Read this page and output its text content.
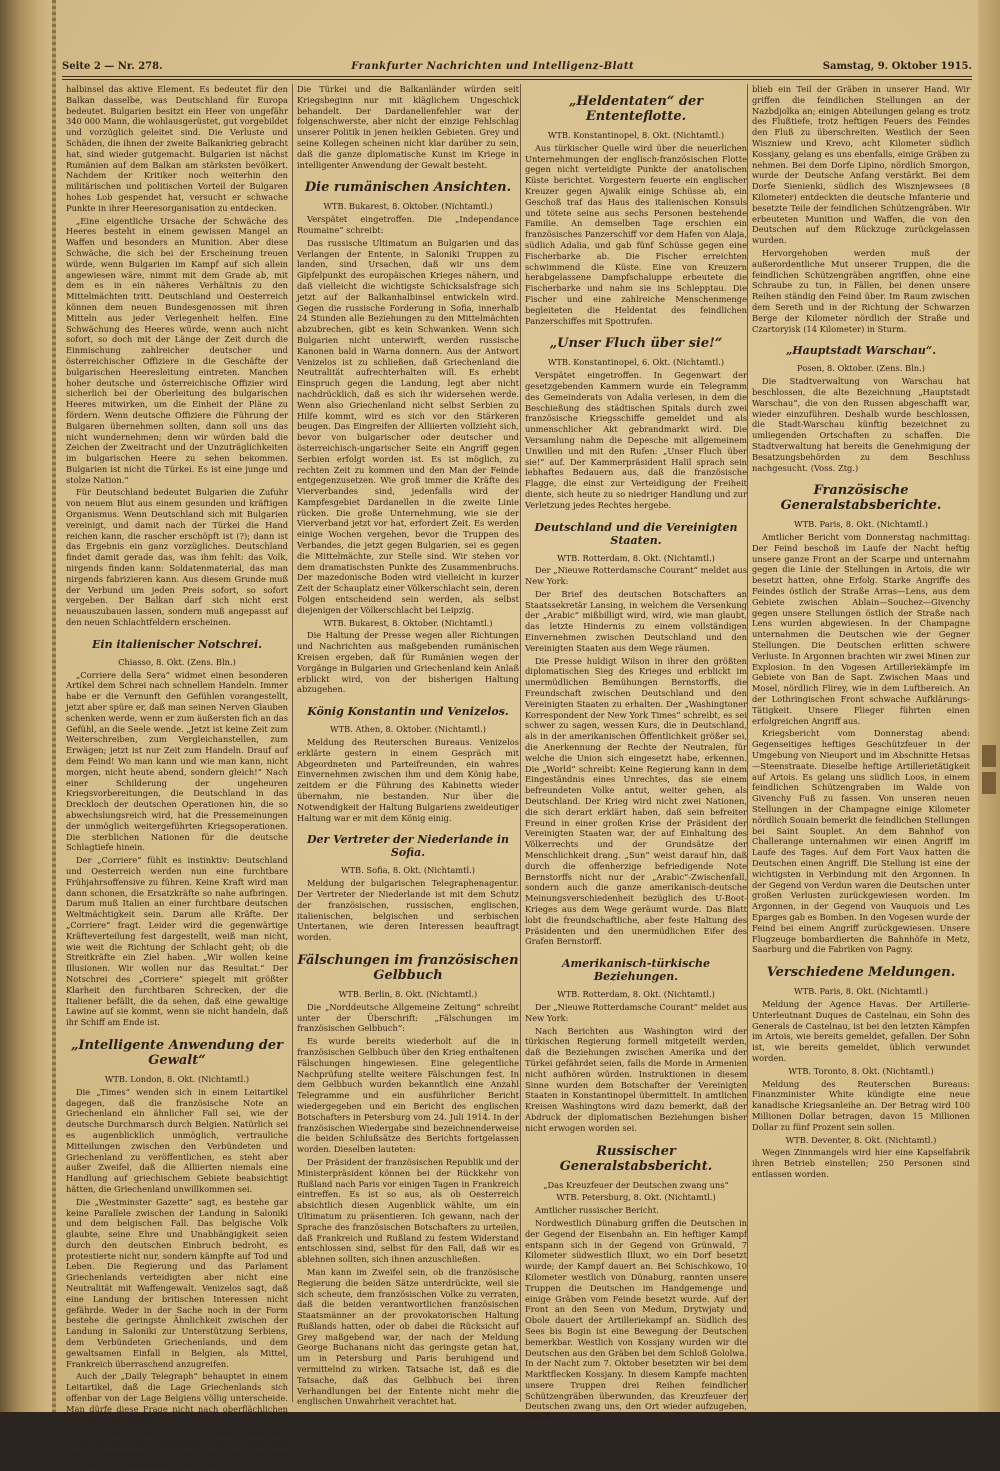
Seite 2 — Nr. 278.	Frankfurter Nachrichten und Intelligenz-Blatt	Samstag, 9. Oktober 1915.

halbinsel das aktive Element. Es bedeutet für den Balkan dasselbe, was Deutschland für Europa bedeutet. Bulgarien besitzt ein Heer von ungefähr 340 000 Mann, die wohlausgerüstet, gut vorgebildet und vorzüglich geleitet sind. Die Verluste und Schäden, die ihnen der zweite Balkankrieg gebracht hat, sind wieder gutgemacht. Bulgarien ist nächst Rumänien auf dem Balkan am stärksten bevölkert. Nachdem der Kritiker noch weiterhin den militärischen und politischen Vorteil der Bulgaren hohes Lob gespendet hat, versucht er schwache Punkte in ihrer Heeresorganisation zu entdecken.

„Eine eigentliche Ursache der Schwäche des Heeres besteht in einem gewissen Mangel an Waffen und besonders an Munition. Aber diese Schwäche, die sich bei der Erscheinung treuen würde, wenn Bulgarien im Kampf auf sich allein angewiesen wäre, nimmt mit dem Grade ab, mit dem es in ein näheres Verhältnis zu den Mittelmächten tritt. Deutschland und Oesterreich können dem neuen Bundesgenossen mit ihren Mitteln aus jeder Verlegenheit helfen. Eine Schwächung des Heeres würde, wenn auch nicht sofort, so doch mit der Länge der Zeit durch die Einmischung zahlreicher deutscher und österreichischer Offiziere in die Geschäfte der bulgarischen Heeresleitung eintreten. Manchen hoher deutsche und österreichische Offizier wird sicherlich bei der Oberleitung des bulgarischen Heeres mitwirken, um die Einheit der Pläne zu fördern. Wenn deutsche Offiziere die Führung der Bulgaren übernehmen sollten, dann soll uns das nicht wundernehmen; denn wir würden bald die Zeichen der Zweitracht und der Unzuträglichkeiten im bulgarischen Heere zu sehen bekommen. Bulgarien ist nicht die Türkei. Es ist eine junge und stolze Nation.“

Für Deutschland bedeutet Bulgarien die Zufuhr von neuem Blut aus einem gesunden und kräftigen Organismus. Wenn Deutschland sich mit Bulgarien vereinigt, und damit nach der Türkei die Hand reichen kann, die rascher erschöpft ist (?); dann ist das Ergebnis ein ganz vorzügliches. Deutschland findet damit gerade das, was ihm fehlt: das Volk, nirgends finden kann: Soldatenmaterial, das man nirgends fabrizieren kann. Aus diesem Grunde muß der Verbund um jeden Preis sofort, so sofort vergeben. Der Balkan darf sich nicht erst neuauszubauen lassen, sondern muß angepasst auf den neuen Schlachtfeldern erscheinen.

Ein italienischer Notschrei.
Chiasso, 8. Okt. (Zens. Bln.)

„Corriere della Sera“ widmet einen besonderen Artikel dem Schrei nach schnellem Handeln. Immer habe er die Vernunft den Gefühlen vorangestellt, jetzt aber spüre er, daß man seinen Nerven Glauben schenken werde, wenn er zum äußersten fich an das Gefühl, an die Seele wende. „Jetzt ist keine Zeit zum Weiterschreiben, zum Vergleichanstellen, zum Erwägen; jetzt ist nur Zeit zum Handeln. Drauf auf dem Feind! Wo man kann und wie man kann, nicht morgen, nicht heute abend, sondern gleich!“ Nach einer Schilderung der ungeheuren Kriegsvorbereitungen, die Deutschland in das Dreckloch der deutschen Operationen hin, die so abwechslungsreich wird, hat die Pressemeinungen der unmöglich weitergeführten Kriegsoperationen. Die sterblichen Nationen für die deutsche Schlagtiefe hinein.

Der „Corriere“ fühlt es instinktiv: Deutschland und Oesterreich werden nun eine furchtbare Frühjahrsoffensive zu führen. Keine Kraft wird man dann schonen, die Ersatzkräfte so nahe aufbringen. Darum muß Italien an einer furchtbare deutschen Weltmächtigkeit sein. Darum alle Kräfte. Der „Corriere“ fragt. Leider wird die gegenwärtige Kräfteverteilung fest dargestellt, weiß man nicht, wie weit die Richtung der Schlacht geht; ob die Streitkräfte ein Ziel haben. „Wir wollen keine Illusionen. Wir wollen nur das Resultat.“ Der Notschrei des „Corriere“ spiegelt mit größter Klarheit den furchtbaren Schrecken, der die Italiener befällt, die da sehen, daß eine gewaltige Lawine auf sie kommt, wenn sie nicht handeln, daß ihr Schiff am Ende ist.

„Intelligente Anwendung der Gewalt“
WTB. London, 8. Okt. (Nichtamtl.)

Die „Times“ wenden sich in einem Leitartikel dagegen, daß die französische Note an Griechenland ein ähnlicher Fall sei, wie der deutsche Durchmarsch durch Belgien. Natürlich sei es augenblicklich unmöglich, vertrauliche Mitteilungen zwischen den Verbündeten und Griechenland zu veröffentlichen, es steht aber außer Zweifel, daß die Alliierten niemals eine Handlung auf griechischem Gebiete beabsichtigt hätten, die Griechenland unwillkommen sei.

Die „Westminster Gazette“ sagt, es bestehe gar keine Parallele zwischen der Landung in Saloniki und dem belgischen Fall. Das belgische Volk glaubte, seine Ehre und Unabhängigkeit seien durch den deutschen Einbruch bedroht, es protestierte nicht nur, sondern kämpfte auf Tod und Leben. Die Regierung und das Parlament Griechenlands verteidigten aber nicht eine Neutralität mit Waffengewalt. Venizelos sagt, daß eine Landung der britischen Interessen nicht gefährde. Weder in der Sache noch in der Form bestehe die geringste Ähnlichkeit zwischen der Landung in Saloniki zur Unterstützung Serbiens, dem Verbündeten Griechenlands, und dem gewaltsamen Einfall in Belgien, als Mittel, Frankreich überraschend anzugreifen.

Auch der „Daily Telegraph“ behauptet in einem Leitartikel, daß die Lage Griechenlands sich offenbar von der Lage Belgiens völlig unterscheide. Man dürfe diese Frage nicht nach oberflächlichen Anzeichen beurteilen.

Die „Morning Post“ schreibt in einem Leitartikel: Es ist wirklich nicht überflüssig, Grey zu sagen, daß die Zeit gekommen ist, in dem das Auswärtige Amt Mut und Entschlossenheit zeigen muß.

Die Türkei und die Balkanländer würden seit Kriegsbeginn nur mit kläglichem Ungeschick behandelt. Der Dardanellenfehler war der folgenschwerste, aber nicht der einzige Fehlschlag unserer Politik in jenen heiklen Gebieten. Grey und seine Kollegen scheinen nicht klar darüber zu sein, daß die ganze diplomatische Kunst im Kriege in intelligenter Anwendung der Gewalt besteht.

Die rumänischen Ansichten.
WTB. Bukarest, 8. Oktober. (Nichtamtl.)

Verspätet eingetroffen. Die „Independance Roumaine“ schreibt:

Das russische Ultimatum an Bulgarien und das Verlangen der Entente, in Saloniki Truppen zu landen, sind Ursachen, daß wir uns dem Gipfelpunkt des europäischen Krieges nähern, und daß vielleicht die wichtigste Schicksalsfrage sich jetzt auf der Balkanhalbinsel entwickeln wird. Gegen die russische Forderung in Sofia, innerhalb 24 Stunden alle Beziehungen zu den Mittelmächten abzubrechen, gibt es kein Schwanken. Wenn sich Bulgarien nicht unterwirft, werden russische Kanonen bald in Warna donnern. Aus der Antwort Venizelos ist zu schließen, daß Griechenland die Neutralität aufrechterhalten will. Es erhebt Einspruch gegen die Landung, legt aber nicht nachdrücklich, daß es sich ihr widersehen werde. Wenn also Griechenland nicht selbst Serbien zu Hilfe kommt, wird es sich vor den Stärkeren beugen. Das Eingreifen der Alliierten vollzieht sich, bevor von bulgarischer oder deutscher und österreichisch-ungarischer Seite ein Angriff gegen Serbien erfolgt worden ist. Es ist möglich, zu rechten Zeit zu kommen und den Man der Feinde entgegenzusetzen. Wie groß immer die Kräfte des Vierverbandes sind, jedenfalls wird der Kampfesgebiet Dardanellen in die zweite Linie rücken. Die große Unternehmung, wie sie der Vierverband jetzt vor hat, erfordert Zeit. Es werden einige Wochen vergehen, bevor die Truppen des Verbandes, die jetzt gegen Bulgarien, sei es gegen die Mittelmächte, zur Stelle sind. Wir stehen vor dem dramatischsten Punkte des Zusammenbruchs. Der mazedonische Boden wird vielleicht in kurzer Zeit der Schauplatz einer Völkerschlacht sein, deren Folgen entscheidend sein werden, als selbst diejenigen der Völkerschlacht bei Leipzig.

WTB. Bukarest, 8. Oktober. (Nichtamtl.)

Die Haltung der Presse wegen aller Richtungen und Nachrichten aus maßgebenden rumänischen Kreisen ergeben, daß für Rumänien wegen der Vorgänge in Bulgarien und Griechenland kein Anlaß erblickt wird, von der bisherigen Haltung abzugehen.

König Konstantin und Venizelos.
WTB. Athen, 8. Oktober. (Nichtamtl.)

Meldung des Reuterschen Bureaus. Venizelos erklärte gestern in einem Gespräch mit Abgeordneten und Parteifreunden, ein wahres Einvernehmen zwischen ihm und dem König habe, zeitdem er die Führung des Kabinetts wieder übernahm, nie bestanden. Nur über die Notwendigkeit der Haltung Bulgariens zweideutiger Haltung war er mit dem König einig.

Der Vertreter der Niederlande in Sofia.
WTB. Sofia, 8. Okt. (Nichtamtl.)

Meldung der bulgarischen Telegraphenagentur. Der Vertreter der Niederlande ist mit dem Schutz der französischen, russischen, englischen, italienischen, belgischen und serbischen Untertanen, wie deren Interessen beauftragt worden.

Fälschungen im französischen Gelbbuch
WTB. Berlin, 8. Okt. (Nichtamtl.)

Die „Norddeutsche Allgemeine Zeitung“ schreibt unter der Überschrift: „Fälschungen im französischen Gelbbuch“:

Es wurde bereits wiederholt auf die in französischen Gelbbuch über den Krieg enthaltenen Fälschungen hingewiesen. Eine gelegentliche Nachprüfung stellte weitere Fälschungen fest. In dem Gelbbuch wurden bekanntlich eine Anzahl Telegramme und ein ausführlicher Bericht wiedergegeben und ein Bericht des englischen Botschafters in Petersburg vom 24. Juli 1914. In der französischen Wiedergabe sind bezeichnenderweise die beiden Schlußsätze des Berichts fortgelassen worden. Dieselben lauteten:

Der Präsident der französischen Republik und der Ministerpräsident können bei der Rückkehr von Rußland nach Paris vor einigen Tagen in Frankreich eintreffen. Es ist so aus, als ob Oesterreich absichtlich diesen Augenblick wählte, um ein Ultimatum zu präsentieren. Ich gewann, nach der Sprache des französischen Botschafters zu urteilen, daß Frankreich und Rußland zu festem Widerstand entschlossen sind, selbst für den Fall, daß wir es ablehnen sollten, sich ihnen anzuschließen.

Man kann im Zweifel sein, ob die französische Regierung die beiden Sätze unterdrückte, weil sie sich scheute, dem französischen Volke zu verraten, daß die beiden verantwortlichen französischen Staatsmänner an der provokatorischen Haltung Rußlands hatten, oder ob dabei die Rücksicht auf Grey maßgebend war, der nach der Meldung George Buchanans nicht das geringste getan hat, um in Petersburg und Paris beruhigend und vermittelnd zu wirken. Tatsache ist, daß es die Tatsache, daß das Gelbbuch bei ihren Verhandlungen bei der Entente nicht mehr die englischen Unwahrheit verachtet hat.

„Heldentaten“ der Ententeflotte.
WTB. Konstantinopel, 8. Okt. (Nichtamtl.)

Aus türkischer Quelle wird über die neuerlichen Unternehmungen der englisch-französischen Flotte gegen nicht verteidigte Punkte der anatolischen Küste berichtet. Vorgestern feuerte ein englischer Kreuzer gegen Ajwalik einige Schüsse ab, ein Geschoß traf das Haus des italienischen Konsuls und tötete seine aus sechs Personen bestehende Familie. An demselben Tage erschien ein französisches Panzerschiff vor dem Hafen von Alaja, südlich Adalia, und gab fünf Schüsse gegen eine Fischerbarke ab. Die Fischer erreichten schwimmend die Küste. Eine von Kreuzern herabgelassene Dampfschaluppe erbeutete die Fischerbarke und nahm sie ins Schlepptau. Die Fischer und eine zahlreiche Menschenmenge begleiteten die Heldentat des feindlichen Panzerschiffes mit Spottrufen.

„Unser Fluch über sie!“
WTB. Konstantinopel, 6. Okt. (Nichtamtl.)

Verspätet eingetroffen. In Gegenwart der gesetzgebenden Kammern wurde ein Telegramm des Gemeinderats von Adalia verlesen, in dem die Beschießung des städtischen Spitals durch zwei französische Kriegsschiffe gemeldet und als unmenschlicher Akt gebrandmarkt wird. Die Versamlung nahm die Depesche mit allgemeinem Unwillen und mit den Rufen: „Unser Fluch über sie!“ auf. Der Kammerpräsident Halil sprach sein lebhaftes Bedauern aus, daß die französische Flagge, die einst zur Verteidigung der Freiheit diente, sich heute zu so niedriger Handlung und zur Verletzung jedes Rechtes hergebe.

Deutschland und die Vereinigten Staaten.
WTB. Rotterdam, 8. Okt. (Nichtamtl.)

Der „Nieuwe Rotterdamsche Courant“ meldet aus New York:

Der Brief des deutschen Botschafters an Staatssekretär Lansing, in welchem die Versenkung der „Arabic“ mißbilligt wird, wird, wie man glaubt, das letzte Hindernis zu einem vollständigen Einvernehmen zwischen Deutschland und den Vereinigten Staaten aus dem Wege räumen.

Die Presse huldigt Wilson in ihrer den größten diplomatischen Sieg des Krieges und erblickt im unermüdlichen Bemühungen Bernstorffs, die Freundschaft zwischen Deutschland und den Vereinigten Staaten zu erhalten. Der „Washingtoner Korrespondent der New York Times“ schreibt, es sei schwer zu sagen, wessen Kurs, die in Deutschland, als in der amerikanischen Öffentlichkeit größer sei, die Anerkennung der Rechte der Neutralen, für welche die Union sich eingesetzt habe, erkennen. Die „World“ schreibt: Keine Regierung kann in dem Eingeständnis eines Unrechtes, das sie einem befreundeten Volke antut, weiter gehen, als Deutschland. Der Krieg wird nicht zwei Nationen, die sich derart erklärt haben, daß sein befreiter Freund in einer großen Krise der Präsident der Vereinigten Staaten war, der auf Einhaltung des Völkerrechts und der Grundsätze der Menschlichkeit drang. „Sun“ weist darauf hin, daß durch die offenherzige befriedigende Note Bernstorffs nicht nur der „Arabic“-Zwischenfall, sondern auch die ganze amerikanisch-deutsche Meinungsverschiedenheit bezüglich des U-Boot-Krieges aus dem Wege geräumt wurde. Das Blatt lobt die freundschaftliche, aber feste Haltung des Präsidenten und den unermüdlichen Eifer des Grafen Bernstorff.

Amerikanisch-türkische Beziehungen.
WTB. Rotterdam, 8. Okt. (Nichtamtl.)

Der „Nieuwe Rotterdamsche Courant“ meldet aus New York:

Nach Berichten aus Washington wird der türkischen Regierung formell mitgeteilt werden, daß die Beziehungen zwischen Amerika und der Türkei gefährdet seien, falls die Morde in Armenien nicht aufhören würden. Instruktionen in diesem Sinne wurden dem Botschafter der Vereinigten Staaten in Konstantinopel übermittelt. In amtlichen Kreisen Washingtons wird dazu bemerkt, daß der Abdruck der diplomatischen Beziehungen bisher nicht erwogen worden sei.

Russischer Generalstabsbericht.
„Das Kreuzfeuer der Deutschen zwang uns“
WTB. Petersburg, 8. Okt. (Nichtamtl.)

Amtlicher russischer Bericht.

Nordwestlich Dünaburg griffen die Deutschen in der Gegend der Eisenbahn an. Ein heftiger Kampf entspann sich in der Gegend von Grünwald, 7 Kilometer südwestlich Illuxt, wo ein Dorf besetzt wurde; der Kampf dauert an. Bei Schischkowo, 10 Kilometer westlich von Dünaburg, rannten unsere Truppen die Deutschen im Handgemenge und einige Gräben vom Feinde besetzt wurde. Auf der Front an den Seen von Medum, Drytwjaty und Obole dauert der Artilleriekampf an. Südlich des Sees bis Bogin ist eine Bewegung der Deutschen bemerkbar. Westlich von Kossjany wurden wir die Deutschen aus den Gräben bei dem Schloß Gololwa. In der Nacht zum 7. Oktober besetzten wir bei dem Marktflecken Kossjany. In diesem Kampfe machten unsere Truppen drei Reihen feindlicher Schützengräben überwunden, das Kreuzfeuer der Deutschen zwang uns, den Ort wieder aufzugeben, jedoch

blieb ein Teil der Gräben in unserer Hand. Wir griffen die feindlichen Stellungen an der Nazbdjolka an; einigen Abteilungen gelang es trotz des Flußtiefe, trotz heftigen Feuers des Feindes den Fluß zu überschreiten. Westlich der Seen Wiszniew und Krevo, acht Kilometer südlich Kossjany, gelang es uns ebenfalls, einige Gräben zu nehmen. Bei dem Dorfe Lipino, nördlich Smorgon, wurde der Deutsche Anfang verstärkt. Bei dem Dorfe Sienienki, südlich des Wisznjewsees (8 Kilometer) entdeckten die deutsche Infanterie und besetzte Teile der feindlichen Schützengräben. Wir erbeuteten Munition und Waffen, die von den Deutschen auf dem Rückzuge zurückgelassen wurden.

Hervorgehoben werden muß der außerordentliche Mut unserer Truppen, die die feindlichen Schützengräben angriffen, ohne eine Schraube zu tun, in Fällen, bei denen unsere Reihen ständig den Feind über. Im Raum zwischen dem Sereth und in der Richtung der Schwarzen Berge der Kilometer nördlich der Straße und Czartoryisk (14 Kilometer) in Sturm.

„Hauptstadt Warschau“.
Posen, 8. Oktober. (Zens. Bln.)

Die Stadtverwaltung von Warschau hat beschlossen, die alte Bezeichnung „Hauptstadt Warschau“, die von den Russen abgeschafft war, wieder einzuführen. Deshalb wurde beschlossen, die Stadt-Warschau künftig bezeichnet zu umliegenden Ortschaften zu schaffen. Die Stadtverwaltung hat bereits die Genehmigung der Besatzungsbehörden zu dem Beschluss nachgesucht. (Voss. Ztg.)

Französische Generalstabsberichte.
WTB. Paris, 8. Okt. (Nichtamtl.)

Amtlicher Bericht vom Donnerstag nachmittag: Der Feind beschoß im Laufe der Nacht heftig unsere ganze Front an der Scarpe und unternahm gegen die Linie der Stellungen in Artois, die wir besetzt hatten, ohne Erfolg. Starke Angriffe des Feindes östlich der Straße Arras—Lens, aus dem Gebiete zwischen Ablain—Souchez—Givenchy gegen unsere Stellungen östlich der Straße nach Lens wurden abgewiesen. In der Champagne unternahmen die Deutschen wie der Gegner Stellungen. Die Deutschen erlitten schwere Verluste. In Argonnen brachten wir zwei Minen zur Explosion. In den Vogesen Artilleriekämpfe im Gebiete von Ban de Sapt. Zwischen Maas und Mosel, nördlich Flirey, wie in dem Luftbereich. An der Lothringischen Front schwache Aufklärungs-Tätigkeit. Unsere Flieger führten einen erfolgreichen Angriff aus.

Kriegsbericht vom Donnerstag abend: Gegenseitiges heftiges Geschützfeuer in der Umgebung von Nieuport und im Abschnitte Hetsas—Steenstraate. Dieselbe heftige Artillerietätigkeit auf Artois. Es gelang uns südlich Loos, in einem feindlichen Schützengraben im Walde von Givenchy Fuß zu fassen. Von unseren neuen Stellungen in der Champagne einige Kilometer nördlich Souain bemerkt die feindlichen Stellungen bei Saint Souplet. An dem Bahnhof von Challerange unternahmen wir einen Angriff im Laufe des Tages. Auf dem Fort Vaux hatten die Deutschen einen Angriff. Die Stellung ist eine der wichtigsten in Verbindung mit den Argonnen. In der Gegend von Verdun waren die Deutschen unter großen Verlusten zurückgewiesen worden. Im Argonnen, in der Gegend von Vauquois und Les Eparges gab es Bomben. In den Vogesen wurde der Feind bei einem Angriff zurückgewiesen. Unsere Flugzeuge bombardierten die Bahnhöfe in Metz, Saarburg und die Fabriken von Pagny.

Verschiedene Meldungen.
WTB. Paris, 8. Okt. (Nichtamtl.)

Meldung der Agence Havas. Der Artillerie-Unterleutnant Duques de Castelnau, ein Sohn des Generals de Castelnau, ist bei den letzten Kämpfen im Artois, wie bereits gemeldet, gefallen. Der Sohn ist, wie bereits gemeldet, üblich verwundet worden.

WTB. Toronto, 8. Okt. (Nichtamtl.)

Meldung des Reuterschen Bureaus: Finanzminister White kündigte eine neue kanadische Kriegsanleihe an. Der Betrag wird 100 Millionen Dollar betragen, davon 15 Millionen Dollar zu fünf Prozent sein sollen.

WTB. Deventer, 8. Okt. (Nichtamtl.)

Wegen Zinnmangels wird hier eine Kapselfabrik ihren Betrieb einstellen; 250 Personen sind entlassen worden.
